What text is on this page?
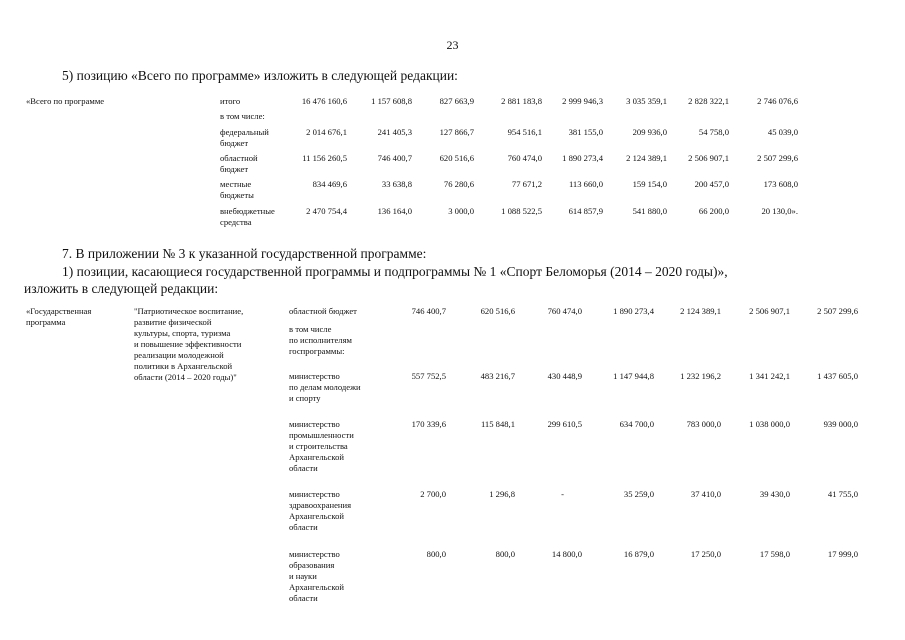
23
5) позицию «Всего по программе» изложить в следующей редакции:
«Всего по программе	итого	16 476 160,6	1 157 608,8	827 663,9	2 881 183,8	2 999 946,3	3 035 359,1	2 828 322,1	2 746 076,6
в том числе:
федеральный
бюджет
2 014 676,1	241 405,3	127 866,7	954 516,1	381 155,0	209 936,0	54 758,0	45 039,0
областной
бюджет
11 156 260,5	746 400,7	620 516,6	760 474,0	1 890 273,4	2 124 389,1	2 506 907,1	2 507 299,6
местные
бюджеты
834 469,6	33 638,8	76 280,6	77 671,2	113 660,0	159 154,0	200 457,0	173 608,0
внебюджетные
средства
2 470 754,4	136 164,0	3 000,0	1 088 522,5	614 857,9	541 880,0	66 200,0	20 130,0».
7. В приложении № 3 к указанной государственной программе:
1) позиции, касающиеся государственной программы и подпрограммы № 1 «Спорт Беломорья (2014 – 2020 годы)»,
изложить в следующей редакции:
«Государственная
программа
"Патриотическое воспитание,
развитие физической
культуры, спорта, туризма
и повышение эффективности
реализации молодежной
политики в Архангельской
области (2014 – 2020 годы)"
областной бюджет	746 400,7	620 516,6	760 474,0	1 890 273,4	2 124 389,1	2 506 907,1	2 507 299,6
в том числе
по исполнителям
госпрограммы:
министерство
по делам молодежи
и спорту
557 752,5	483 216,7	430 448,9	1 147 944,8	1 232 196,2	1 341 242,1	1 437 605,0
министерство
промышленности
и строительства
Архангельской
области
170 339,6	115 848,1	299 610,5	634 700,0	783 000,0	1 038 000,0	939 000,0
министерство
здравоохранения
Архангельской
области
2 700,0	1 296,8	-	35 259,0	37 410,0	39 430,0	41 755,0
министерство
образования
и науки
Архангельской
области
800,0	800,0	14 800,0	16 879,0	17 250,0	17 598,0	17 999,0
